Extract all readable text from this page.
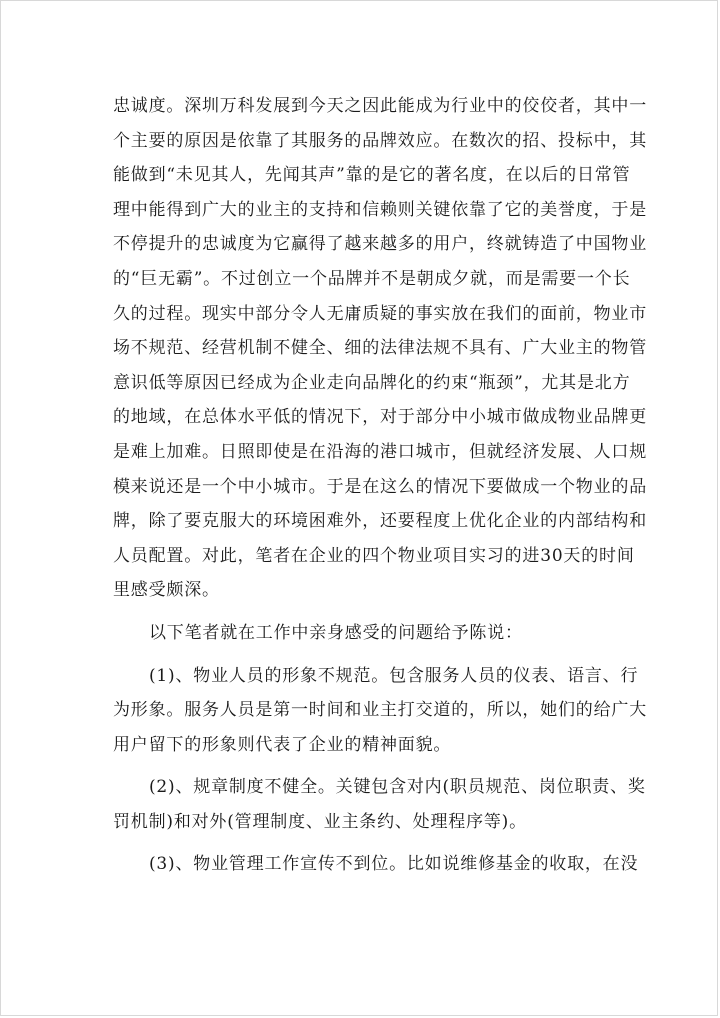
忠诚度。深圳万科发展到今天之因此能成为行业中的佼佼者，其中一
个主要的原因是依靠了其服务的品牌效应。在数次的招、投标中，其
能做到“未见其人，先闻其声”靠的是它的著名度，在以后的日常管
理中能得到广大的业主的支持和信赖则关键依靠了它的美誉度，于是
不停提升的忠诚度为它赢得了越来越多的用户，终就铸造了中国物业
的“巨无霸”。不过创立一个品牌并不是朝成夕就，而是需要一个长
久的过程。现实中部分令人无庸质疑的事实放在我们的面前，物业市
场不规范、经营机制不健全、细的法律法规不具有、广大业主的物管
意识低等原因已经成为企业走向品牌化的约束“瓶颈”，尤其是北方
的地域，在总体水平低的情况下，对于部分中小城市做成物业品牌更
是难上加难。日照即使是在沿海的港口城市，但就经济发展、人口规
模来说还是一个中小城市。于是在这么的情况下要做成一个物业的品
牌，除了要克服大的环境困难外，还要程度上优化企业的内部结构和
人员配置。对此，笔者在企业的四个物业项目实习的进30天的时间
里感受颇深。
以下笔者就在工作中亲身感受的问题给予陈说：
(1)、物业人员的形象不规范。包含服务人员的仪表、语言、行
为形象。服务人员是第一时间和业主打交道的，所以，她们的给广大
用户留下的形象则代表了企业的精神面貌。
(2)、规章制度不健全。关键包含对内(职员规范、岗位职责、奖
罚机制)和对外(管理制度、业主条约、处理程序等)。
(3)、物业管理工作宣传不到位。比如说维修基金的收取，在没
